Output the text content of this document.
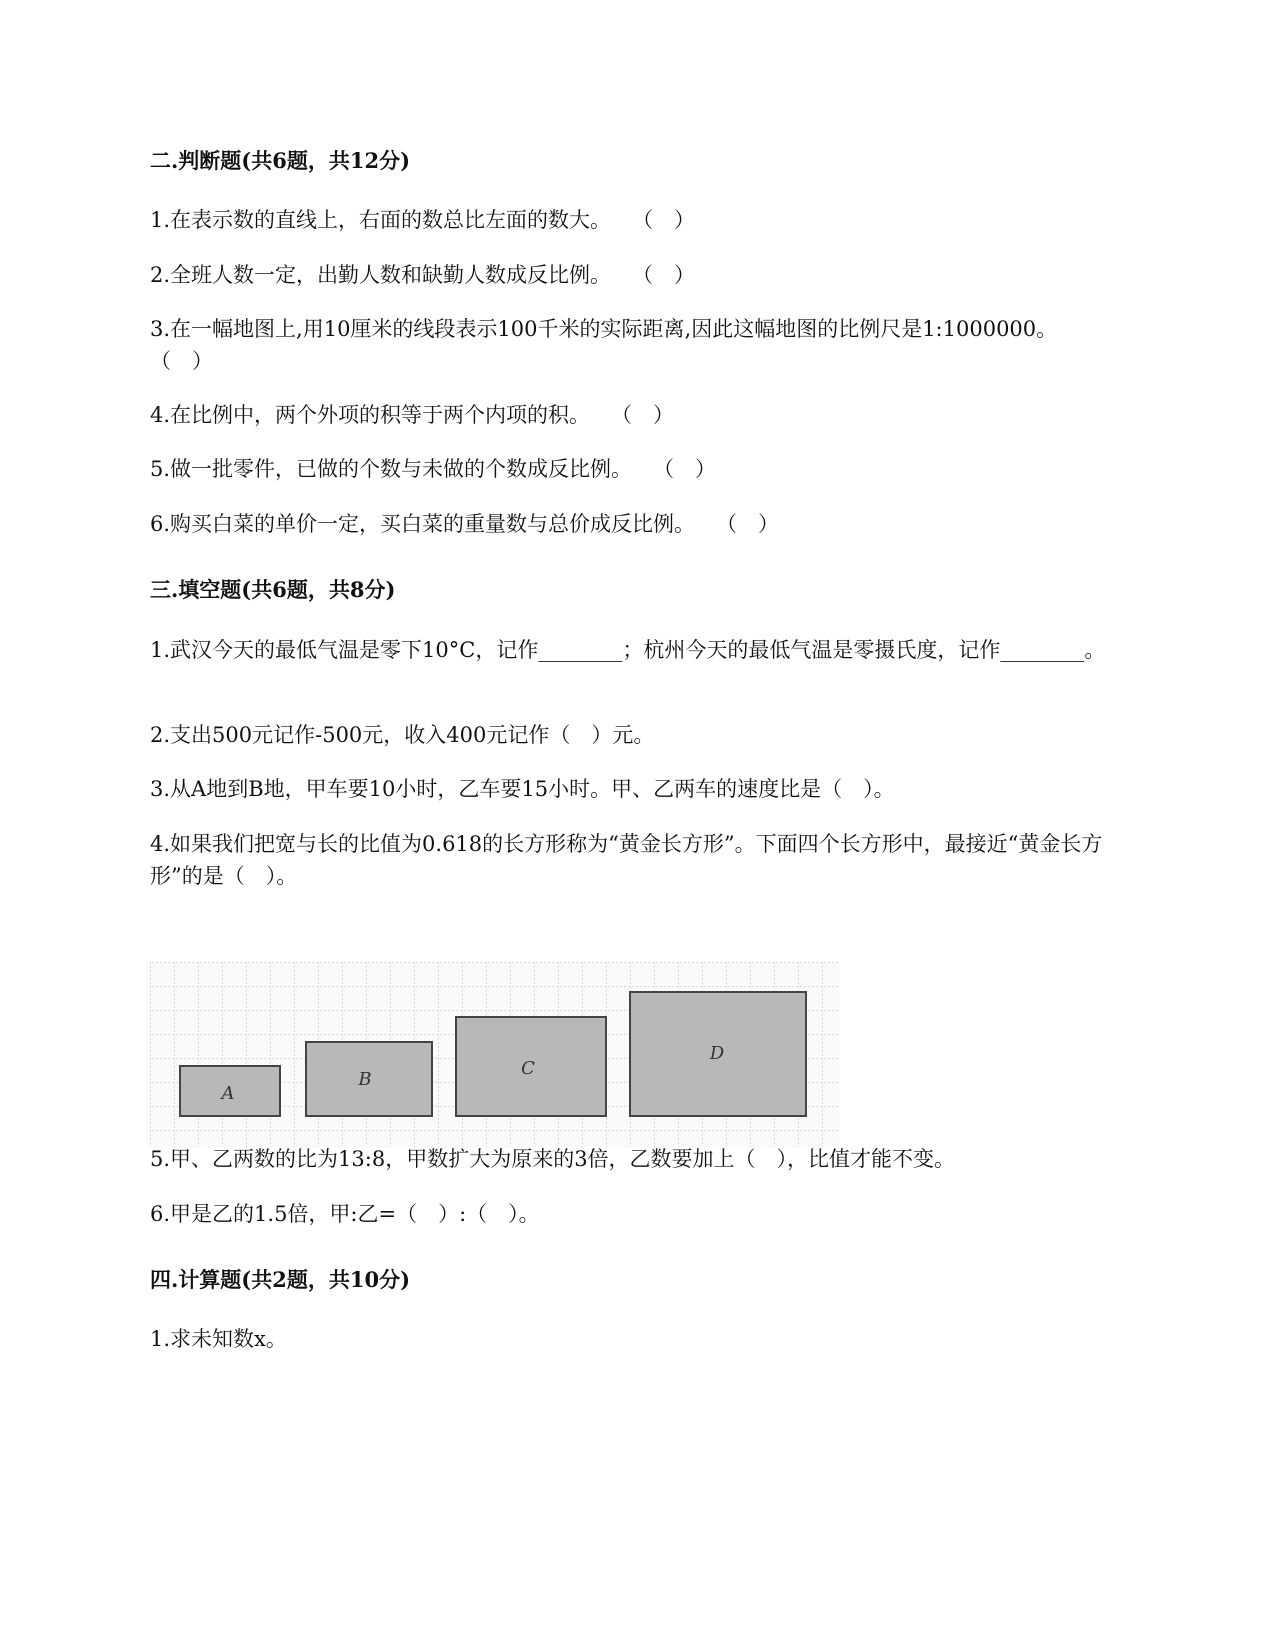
二.判断题(共6题，共12分)
1.在表示数的直线上，右面的数总比左面的数大。　　（　）
2.全班人数一定，出勤人数和缺勤人数成反比例。　　（　）
3.在一幅地图上,用10厘米的线段表示100千米的实际距离,因此这幅地图的比例尺是1:1000000。　　（　）
4.在比例中，两个外项的积等于两个内项的积。　　（　）
5.做一批零件，已做的个数与未做的个数成反比例。　　（　）
6.购买白菜的单价一定，买白菜的重量数与总价成反比例。　　（　）
三.填空题(共6题，共8分)
1.武汉今天的最低气温是零下10°C，记作________；杭州今天的最低气温是零摄氏度，记作________。
2.支出500元记作-500元，收入400元记作（　）元。
3.从A地到B地，甲车要10小时，乙车要15小时。甲、乙两车的速度比是（　）。
4.如果我们把宽与长的比值为0.618的长方形称为“黄金长方形”。下面四个长方形中，最接近“黄金长方形”的是（　）。
A
B
C
D
5.甲、乙两数的比为13:8，甲数扩大为原来的3倍，乙数要加上（　），比值才能不变。
6.甲是乙的1.5倍，甲:乙=（　）:（　）。
四.计算题(共2题，共10分)
1.求未知数x。
